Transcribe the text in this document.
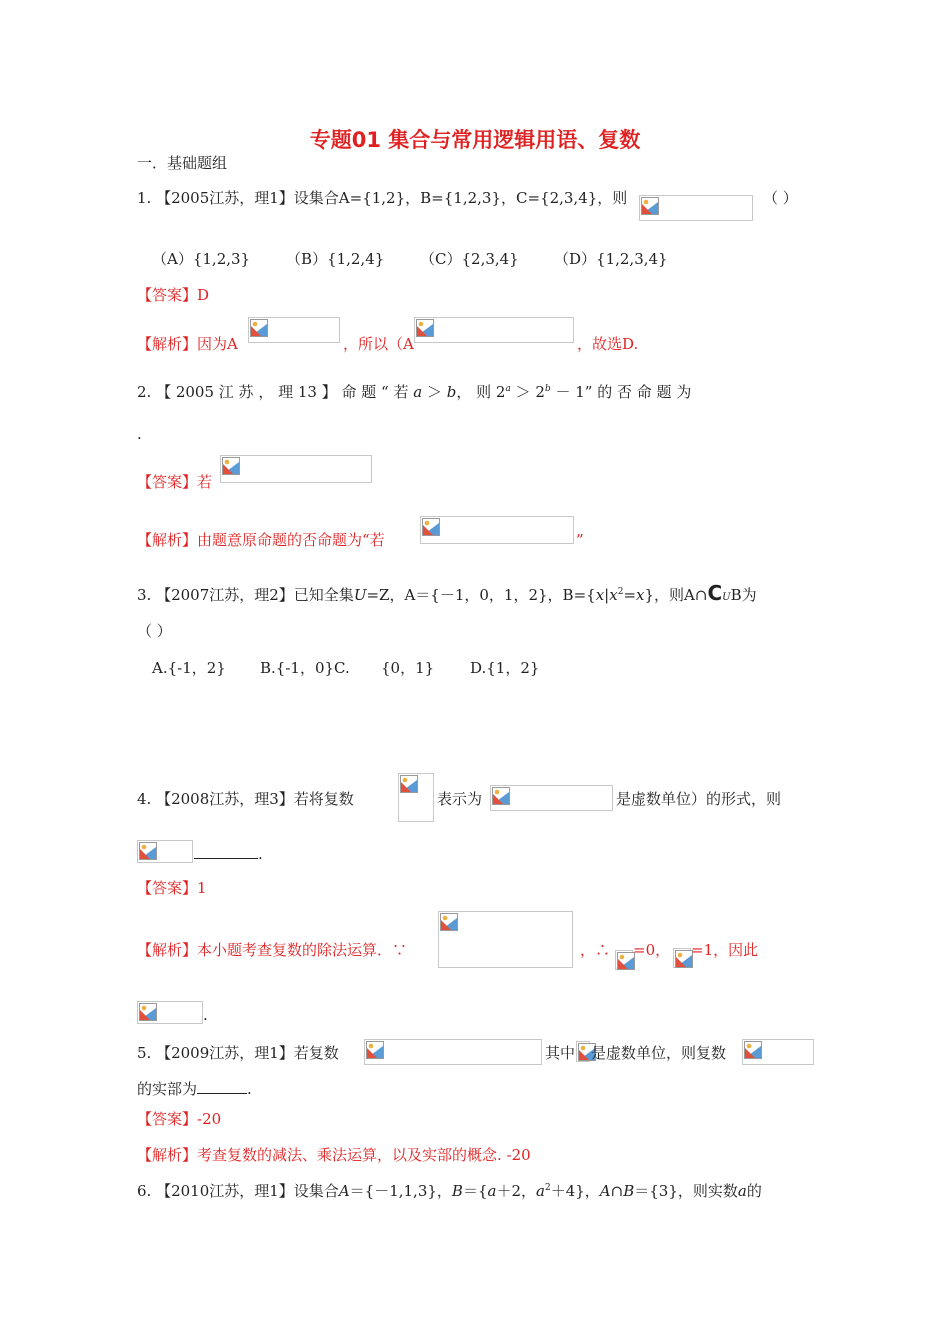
专题01 集合与常用逻辑用语、复数
一．基础题组
1. 【2005江苏，理1】设集合A={1,2}，B={1,2,3}，C={2,3,4}，则	（ ）
（A）{1,2,3} （B）{1,2,4} （C）{2,3,4} （D）{1,2,3,4}
【答案】D
【解析】因为A	，所以（A	，故选D.
2. 【 2005 江 苏 ， 理 13 】 命 题 “ 若 a ＞ b， 则 $2^a > 2^b - 1$” 的 否 命 题 为
.
【答案】若
【解析】由题意原命题的否命题为“若	”
3. 【2007江苏，理2】已知全集U=Z，A＝{－1，0，1，2}，$B=\{x|x^2=x\}$，则A∩CUB为
（ ）
A.{-1，2} B.{-1，0}C. {0，1} D.{1，2}
4. 【2008江苏，理3】若将复数	表示为	是虚数单位）的形式，则
.
【答案】1
【解析】本小题考查复数的除法运算．∵	，∴ =0， =1，因此
.
5. 【2009江苏，理1】若复数	其中 是虚数单位，则复数
的实部为	.
【答案】-20
【解析】考查复数的减法、乘法运算，以及实部的概念. -20
6. 【2010江苏，理1】设集合A＝{－1,1,3}，B＝{a＋2，$a^2+4$}，A∩B＝{3}，则实数a的
